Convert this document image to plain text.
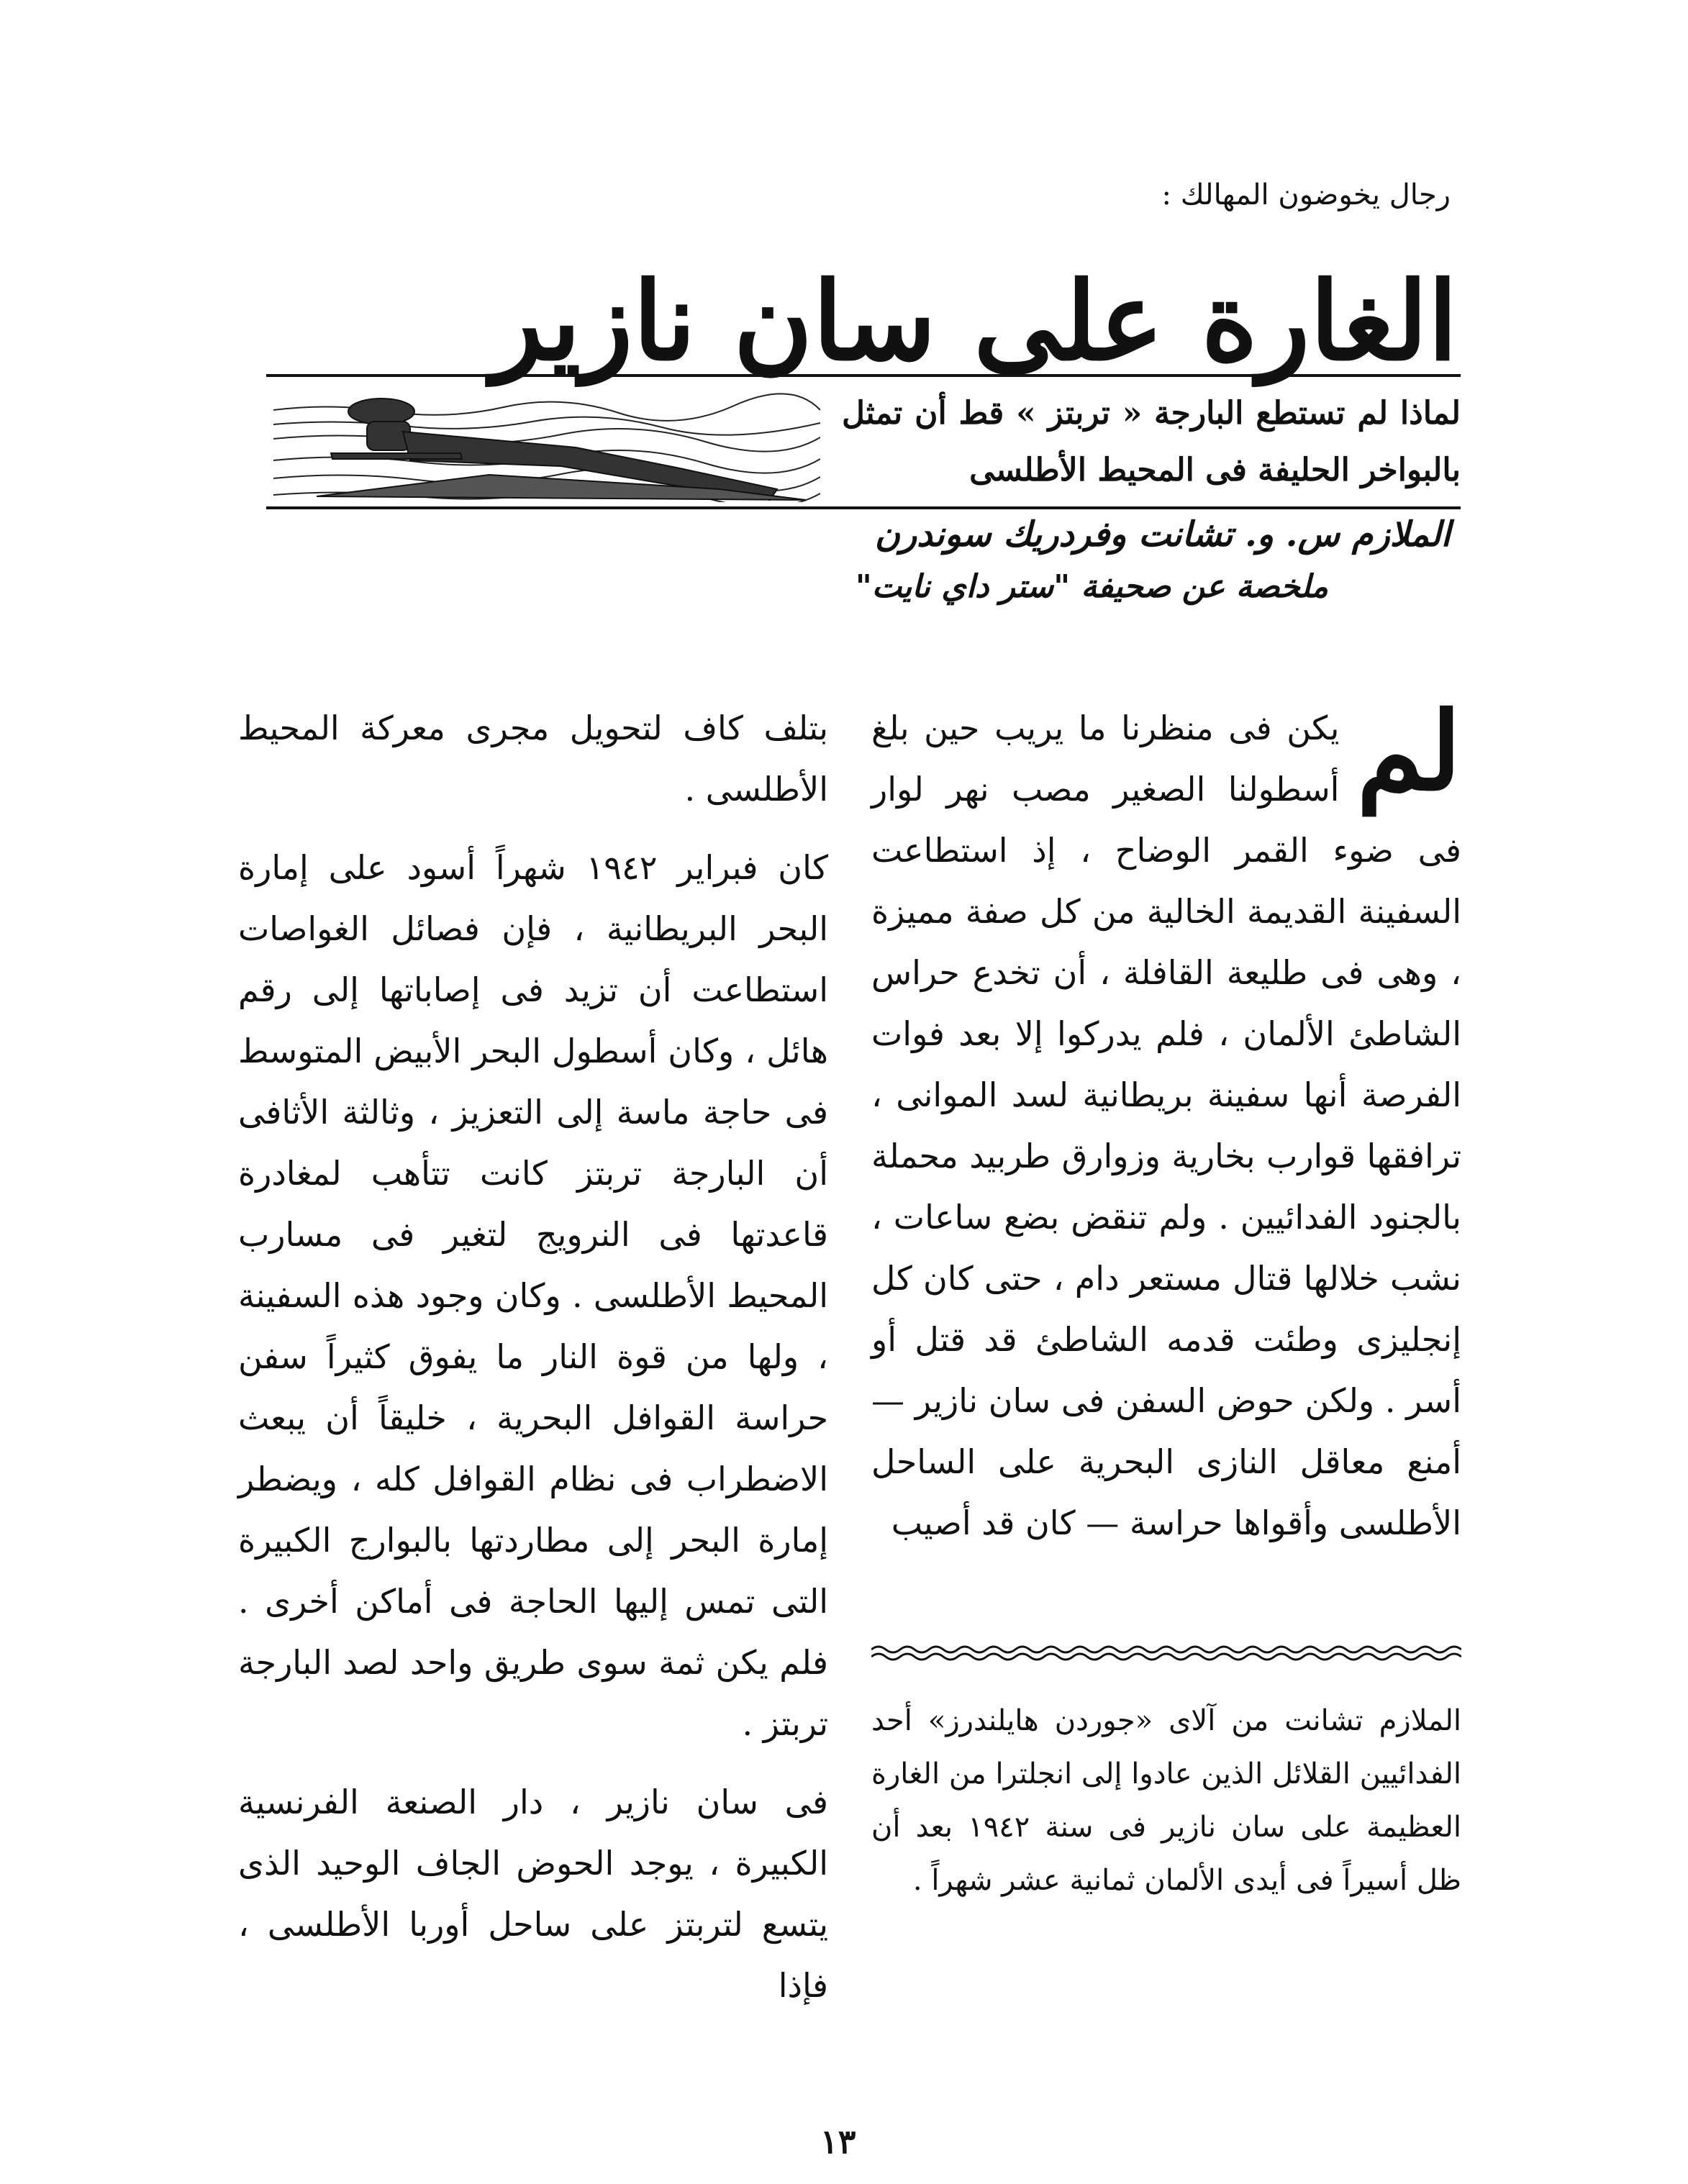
رجال يخوضون المهالك :
الغارة على سان نازير
لماذا لم تستطع البارجة « تربتز » قط أن تمثل بالبواخر الحليفة فى المحيط الأطلسى
الملازم س. و. تشانت وفردريك سوندرن
ملخصة عن صحيفة "ستر داي نايت"
لم

يكن فى منظرنا ما يريب حين بلغ أسطولنا الصغير مصب نهر لوار فى ضوء القمر الوضاح ، إذ استطاعت السفينة القديمة الخالية من كل صفة مميزة ، وهى فى طليعة القافلة ، أن تخدع حراس الشاطئ الألمان ، فلم يدركوا إلا بعد فوات الفرصة أنها سفينة بريطانية لسد الموانى ، ترافقها قوارب بخارية وزوارق طربيد محملة بالجنود الفدائيين . ولم تنقض بضع ساعات ، نشب خلالها قتال مستعر دام ، حتى كان كل إنجليزى وطئت قدمه الشاطئ قد قتل أو أسر . ولكن حوض السفن فى سان نازير — أمنع معاقل النازى البحرية على الساحل الأطلسى وأقواها حراسة — كان قد أصيب

بتلف كاف لتحويل مجرى معركة المحيط الأطلسى .

كان فبراير ١٩٤٢ شهراً أسود على إمارة البحر البريطانية ، فإن فصائل الغواصات استطاعت أن تزيد فى إصاباتها إلى رقم هائل ، وكان أسطول البحر الأبيض المتوسط فى حاجة ماسة إلى التعزيز ، وثالثة الأثافى أن البارجة تربتز كانت تتأهب لمغادرة قاعدتها فى النرويج لتغير فى مسارب المحيط الأطلسى . وكان وجود هذه السفينة ، ولها من قوة النار ما يفوق كثيراً سفن حراسة القوافل البحرية ، خليقاً أن يبعث الاضطراب فى نظام القوافل كله ، ويضطر إمارة البحر إلى مطاردتها بالبوارج الكبيرة التى تمس إليها الحاجة فى أماكن أخرى . فلم يكن ثمة سوى طريق واحد لصد البارجة تربتز .

فى سان نازير ، دار الصنعة الفرنسية الكبيرة ، يوجد الحوض الجاف الوحيد الذى يتسع لتربتز على ساحل أوربا الأطلسى ، فإذا

الملازم تشانت من آلاى «جوردن هايلندرز» أحد الفدائيين القلائل الذين عادوا إلى انجلترا من الغارة العظيمة على سان نازير فى سنة ١٩٤٢ بعد أن ظل أسيراً فى أيدى الألمان ثمانية عشر شهراً .
١٣
